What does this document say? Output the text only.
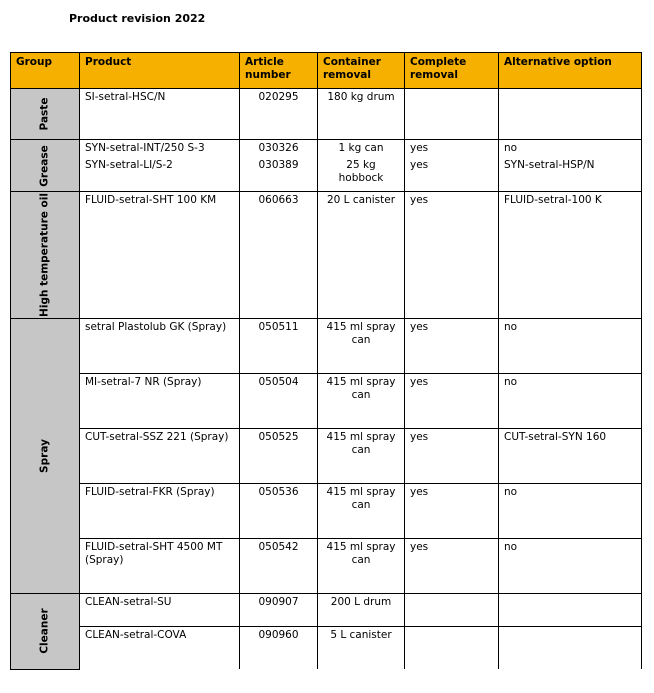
Product revision 2022
Group	Product	Article number	Container removal	Complete removal	Alternative option

Paste	SI-setral-HSC/N	020295	180 kg drum		

Grease	SYN-setral-INT/250 S-3	030326	1 kg can	yes	no
	SYN-setral-LI/S-2	030389	25 kg hobbock	yes	SYN-setral-HSP/N

High temperature oil	FLUID-setral-SHT 100 KM	060663	20 L canister	yes	FLUID-setral-100 K

Spray	setral Plastolub GK (Spray)	050511	415 ml spray can	yes	no
	MI-setral-7 NR (Spray)	050504	415 ml spray can	yes	no
	CUT-setral-SSZ 221 (Spray)	050525	415 ml spray can	yes	CUT-setral-SYN 160
	FLUID-setral-FKR (Spray)	050536	415 ml spray can	yes	no
	FLUID-setral-SHT 4500 MT (Spray)	050542	415 ml spray can	yes	no

Cleaner	CLEAN-setral-SU	090907	200 L drum		
	CLEAN-setral-COVA	090960	5 L canister		
